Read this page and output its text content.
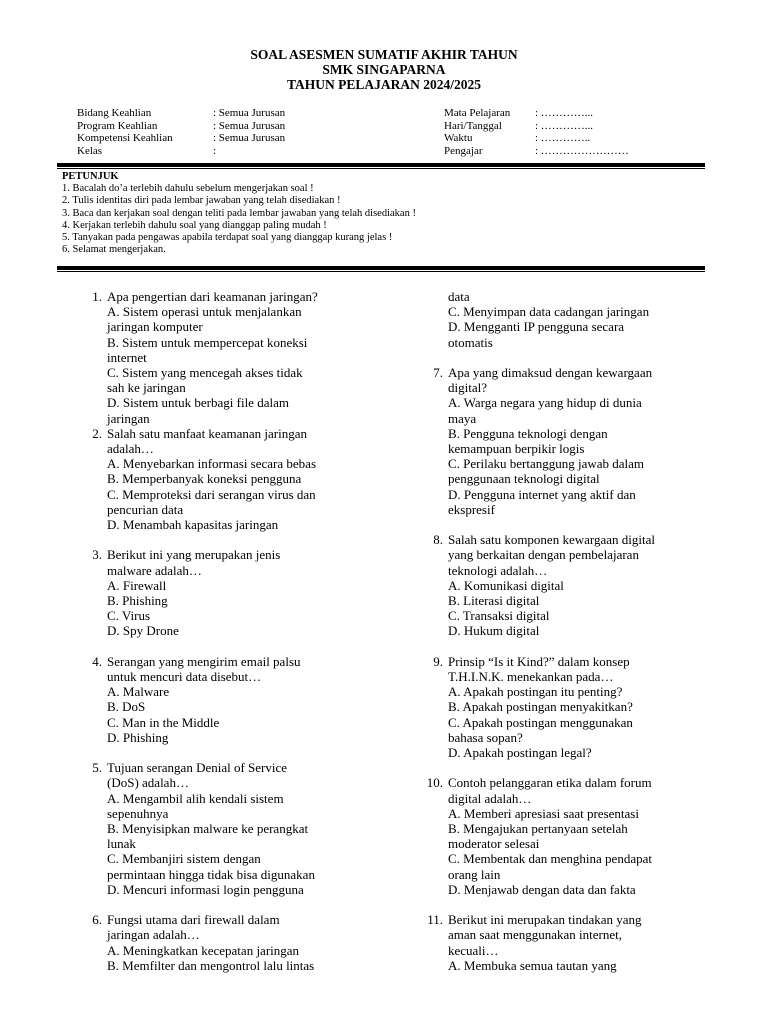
SOAL ASESMEN SUMATIF AKHIR TAHUN
SMK SINGAPARNA
TAHUN PELAJARAN 2024/2025
Bidang Keahlian	: Semua Jurusan
Program Keahlian	: Semua Jurusan
Kompetensi Keahlian	: Semua Jurusan
Kelas	:
Mata Pelajaran : …………...
Hari/Tanggal	: …………...
Waktu	: …………..
Pengajar	: ……………………
PETUNJUK
1. Bacalah do’a terlebih dahulu sebelum mengerjakan soal !
2. Tulis identitas diri pada lembar jawaban yang telah disediakan !
3. Baca dan kerjakan soal dengan teliti pada lembar jawaban yang telah disediakan !
4. Kerjakan terlebih dahulu soal yang dianggap paling mudah !
5. Tanyakan pada pengawas apabila terdapat soal yang dianggap kurang jelas !
6. Selamat mengerjakan.
1. Apa pengertian dari keamanan jaringan?
A. Sistem operasi untuk menjalankan
jaringan komputer
B. Sistem untuk mempercepat koneksi
internet
C. Sistem yang mencegah akses tidak
sah ke jaringan
D. Sistem untuk berbagi file dalam
jaringan
2. Salah satu manfaat keamanan jaringan
adalah…
A. Menyebarkan informasi secara bebas
B. Memperbanyak koneksi pengguna
C. Memproteksi dari serangan virus dan
pencurian data
D. Menambah kapasitas jaringan
3. Berikut ini yang merupakan jenis
malware adalah…
A. Firewall
B. Phishing
C. Virus
D. Spy Drone
4. Serangan yang mengirim email palsu
untuk mencuri data disebut…
A. Malware
B. DoS
C. Man in the Middle
D. Phishing
5. Tujuan serangan Denial of Service
(DoS) adalah…
A. Mengambil alih kendali sistem
sepenuhnya
B. Menyisipkan malware ke perangkat
lunak
C. Membanjiri sistem dengan
permintaan hingga tidak bisa digunakan
D. Mencuri informasi login pengguna
6. Fungsi utama dari firewall dalam
jaringan adalah…
A. Meningkatkan kecepatan jaringan
B. Memfilter dan mengontrol lalu lintas
data
C. Menyimpan data cadangan jaringan
D. Mengganti IP pengguna secara
otomatis
7. Apa yang dimaksud dengan kewargaan
digital?
A. Warga negara yang hidup di dunia
maya
B. Pengguna teknologi dengan
kemampuan berpikir logis
C. Perilaku bertanggung jawab dalam
penggunaan teknologi digital
D. Pengguna internet yang aktif dan
ekspresif
8. Salah satu komponen kewargaan digital
yang berkaitan dengan pembelajaran
teknologi adalah…
A. Komunikasi digital
B. Literasi digital
C. Transaksi digital
D. Hukum digital
9. Prinsip “Is it Kind?” dalam konsep
T.H.I.N.K. menekankan pada…
A. Apakah postingan itu penting?
B. Apakah postingan menyakitkan?
C. Apakah postingan menggunakan
bahasa sopan?
D. Apakah postingan legal?
10. Contoh pelanggaran etika dalam forum
digital adalah…
A. Memberi apresiasi saat presentasi
B. Mengajukan pertanyaan setelah
moderator selesai
C. Membentak dan menghina pendapat
orang lain
D. Menjawab dengan data dan fakta
11. Berikut ini merupakan tindakan yang
aman saat menggunakan internet,
kecuali…
A. Membuka semua tautan yang
